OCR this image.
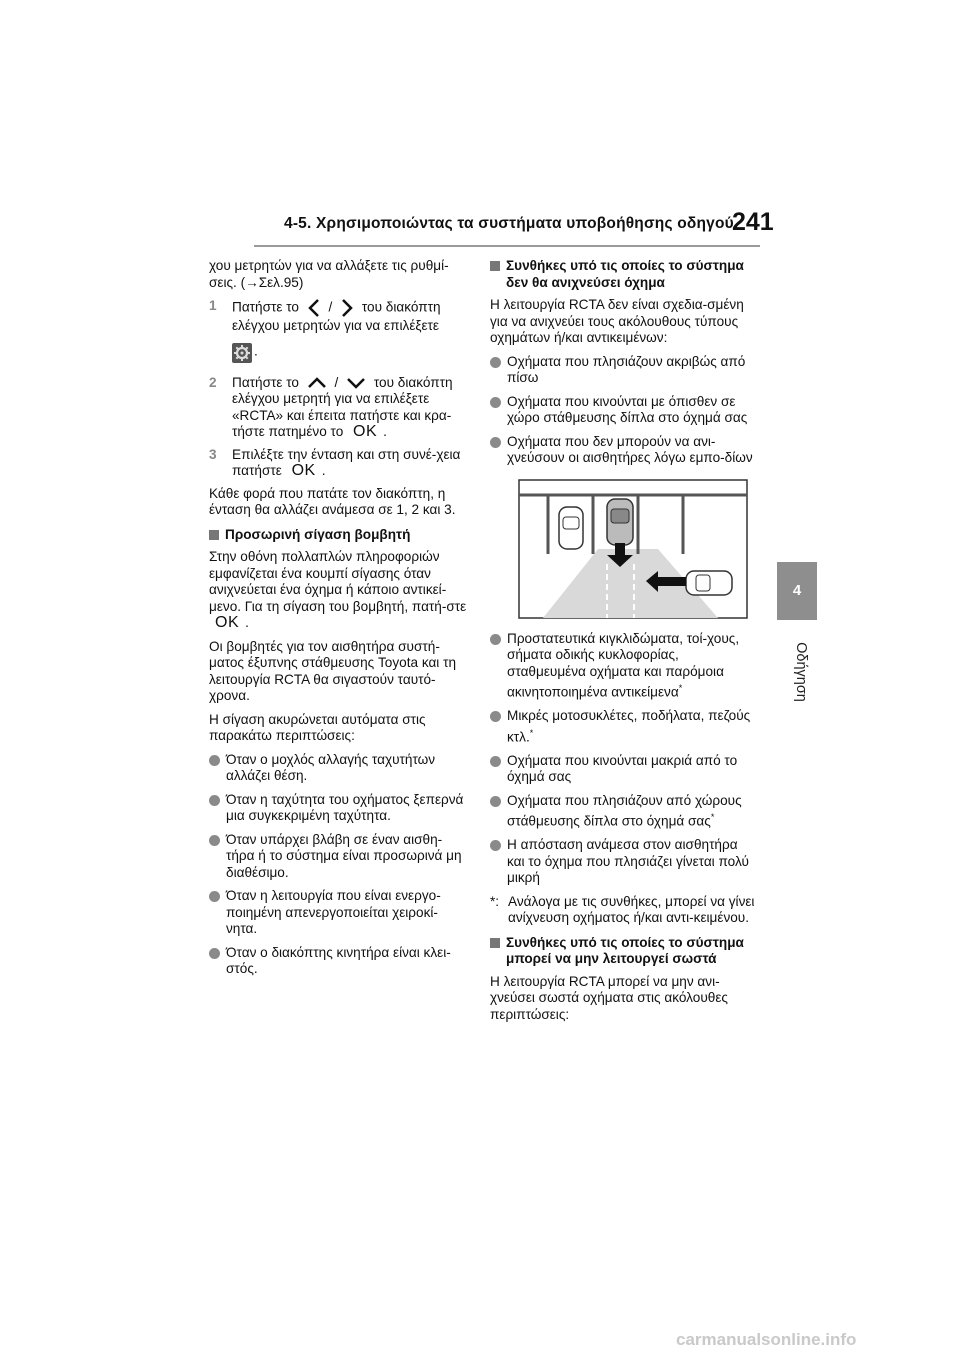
4-5. Χρησιμοποιώντας τα συστήματα υποβοήθησης οδηγού
241
4
Οδήγηση

χου μετρητών για να αλλάξετε τις ρυθμί-σεις. (→Σελ.95)

1	Πατήστε το / του διακόπτη ελέγχου μετρητών για να επιλέξετε
.
2	Πατήστε το	/	του διακόπτη ελέγχου μετρητή για να επιλέξετε «RCTA» και έπειτα πατήστε και κρα-τήστε πατημένο το OK .
3	Επιλέξτε την ένταση και στη συνέ-χεια πατήστε OK .

Κάθε φορά που πατάτε τον διακόπτη, η ένταση θα αλλάζει ανάμεσα σε 1, 2 και 3.

Προσωρινή σίγαση βομβητή

Στην οθόνη πολλαπλών πληροφοριών εμφανίζεται ένα κουμπί σίγασης όταν ανιχνεύεται ένα όχημα ή κάποιο αντικεί-μενο. Για τη σίγαση του βομβητή, πατή-στε OK .

Οι βομβητές για τον αισθητήρα συστή-ματος έξυπνης στάθμευσης Toyota και τη λειτουργία RCTA θα σιγαστούν ταυτό-χρονα.

Η σίγαση ακυρώνεται αυτόματα στις παρακάτω περιπτώσεις:

Όταν ο μοχλός αλλαγής ταχυτήτων αλλάζει θέση.
Όταν η ταχύτητα του οχήματος ξεπερνά μια συγκεκριμένη ταχύτητα.
Όταν υπάρχει βλάβη σε έναν αισθη-τήρα ή το σύστημα είναι προσωρινά μη διαθέσιμο.
Όταν η λειτουργία που είναι ενεργο-ποιημένη απενεργοποιείται χειροκί-νητα.
Όταν ο διακόπτης κινητήρα είναι κλει-στός.
Συνθήκες υπό τις οποίες το σύστημα δεν θα ανιχνεύσει όχημα

Η λειτουργία RCTA δεν είναι σχεδια-σμένη για να ανιχνεύει τους ακόλουθους τύπους οχημάτων ή/και αντικειμένων:

Οχήματα που πλησιάζουν ακριβώς από πίσω
Οχήματα που κινούνται με όπισθεν σε χώρο στάθμευσης δίπλα στο όχημά σας
Οχήματα που δεν μπορούν να ανι-χνεύσουν οι αισθητήρες λόγω εμπο-δίων
Προστατευτικά κιγκλιδώματα, τοί-χους, σήματα οδικής κυκλοφορίας, σταθμευμένα οχήματα και παρόμοια ακινητοποιημένα αντικείμενα*
Μικρές μοτοσυκλέτες, ποδήλατα, πεζούς κτλ.*
Οχήματα που κινούνται μακριά από το όχημά σας
Οχήματα που πλησιάζουν από χώρους στάθμευσης δίπλα στο όχημά σας*
Η απόσταση ανάμεσα στον αισθητήρα και το όχημα που πλησιάζει γίνεται πολύ μικρή
*: Ανάλογα με τις συνθήκες, μπορεί να γίνει ανίχνευση οχήματος ή/και αντι-κειμένου.
Συνθήκες υπό τις οποίες το σύστημα μπορεί να μην λειτουργεί σωστά

Η λειτουργία RCTA μπορεί να μην ανι-χνεύσει σωστά οχήματα στις ακόλουθες περιπτώσεις:

carmanualsonline.info
